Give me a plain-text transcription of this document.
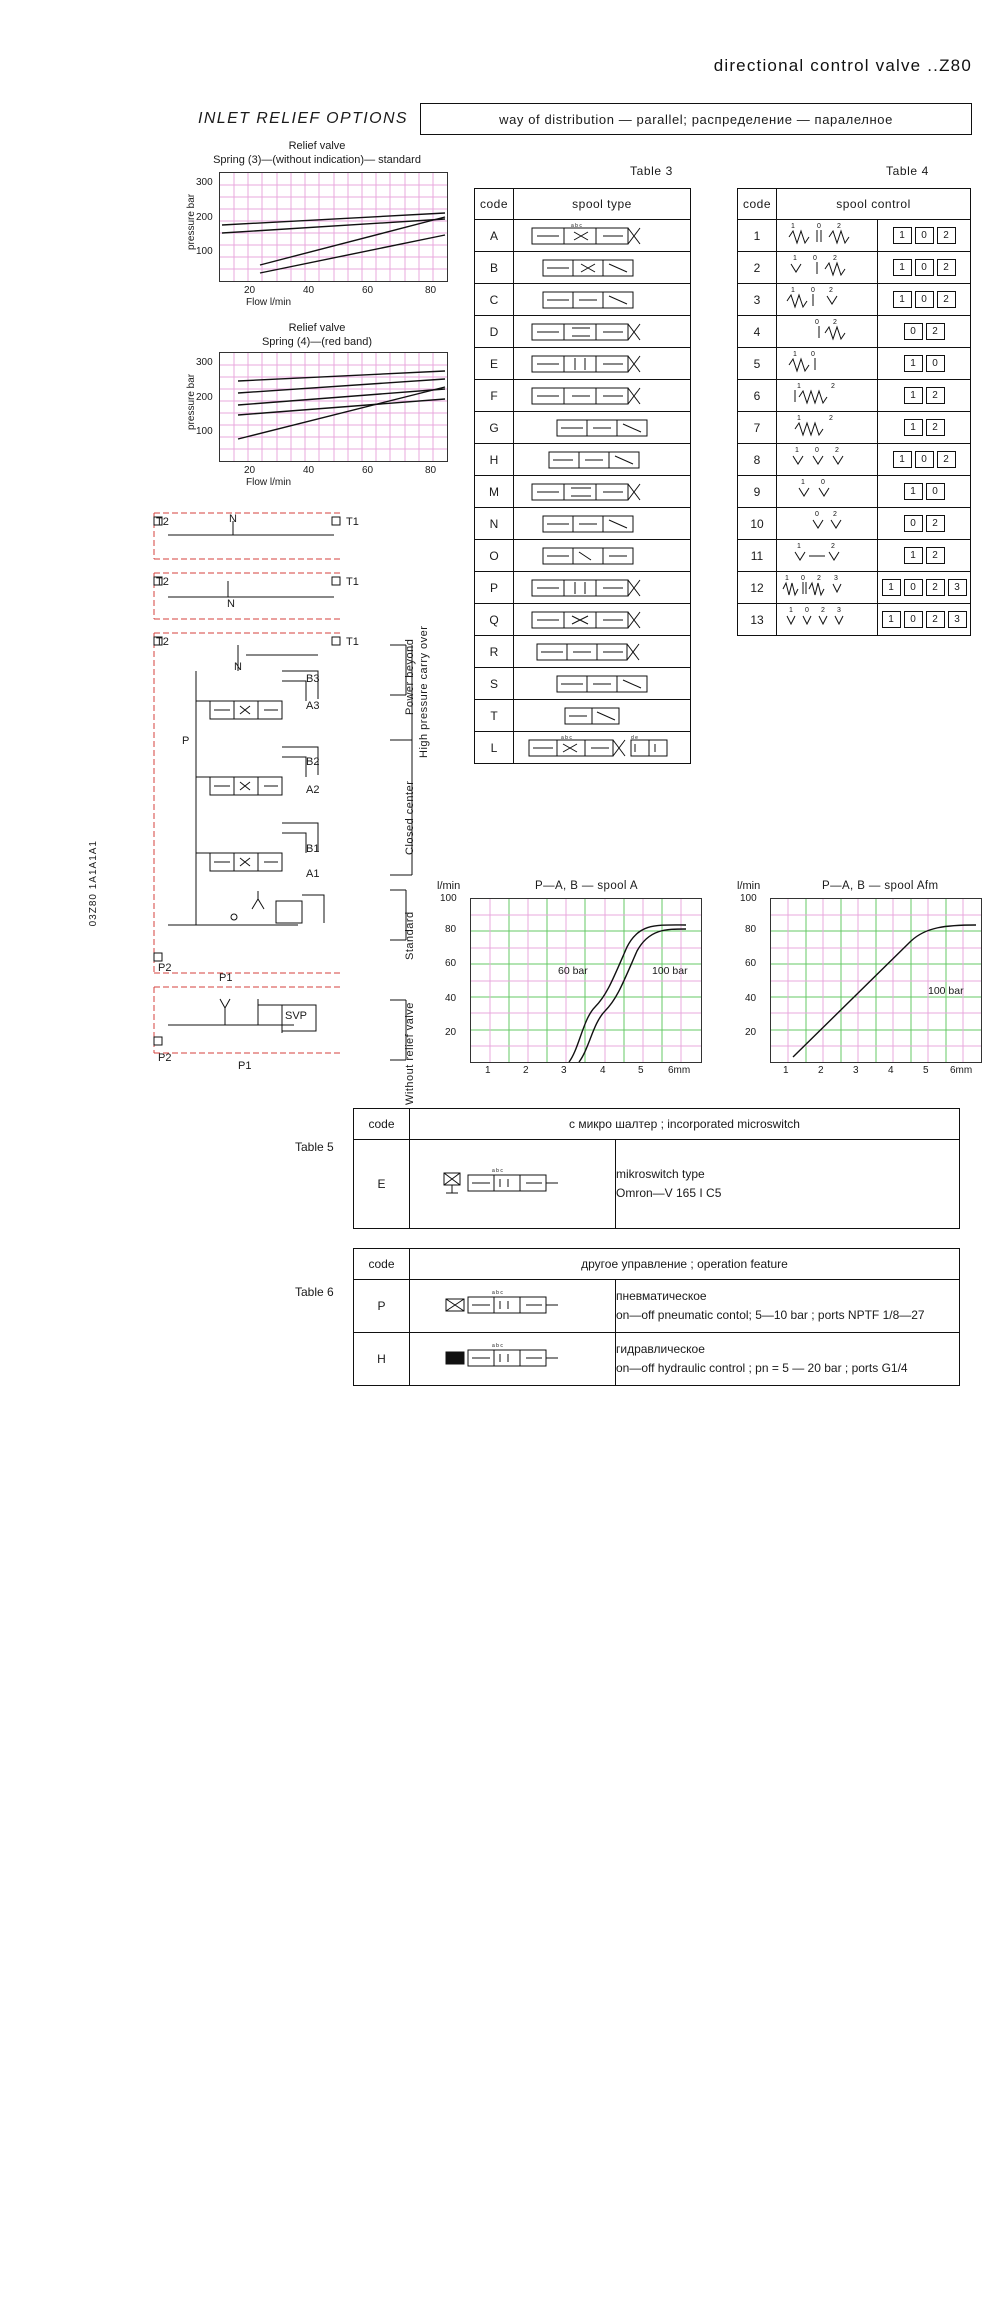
directional control valve ..Z80
INLET RELIEF OPTIONS	way of distribution — parallel; распределение — паралелное
03Z80 1A1A1A1
Relief valve
Spring (3)—(without indication)— standard
pressure bar
300
200
100
20	40	60	80
Flow l/min
Relief valve
Spring (4)—(red band)
pressure bar
300
200
100
20	40	60	80
Flow l/min
Table 3
code	spool type
A	a b c

B	

C	

D	

E	

F	

G	

H	

M	

N	

O	

P	

Q	

R	

S	

T	

L	a b c d e
Table 4
code	spool control	
1	1 0 2	1 0 2

2	1 0 2	1 0 2

3	1 0 2	1 0 2

4	0 2	0 2

5	1 0	1 0

6	1 2	1 2

7	1 2	1 2

8	1 0 2	1 0 2

9	1 0	1 0

10	0 2	0 2

11	1 2	1 2

12	1 0 2 3	1 0 2 3

13	1 0 2 3	1 0 2 3
T2	T1
N
T2	T1
N
T2	T1
N
P
P2
P1
P2
P1
B3
A3
B2
A2
B1
A1
SVP
Power beyond High pressure carry over
Closed center
Standard
Without relief valve
l/min	P—A, B — spool A
100
80
60
40
20
60 bar	100 bar
1	2	3	4	5 6mm
l/min	P—A, B — spool Afm
100
80
60
40
20
100 bar
1	2	3	4	5 6mm
Table 5
code	с микро шалтер ; incorporated microswitch	
E	a b c	mikroswitch type
Omron—V 165 I C5
Table 6
code	другое управление ; operation feature	
P	a b c	пневматическое
on—off pneumatic contol; 5—10 bar ; ports NPTF 1/8—27

H	a b c	гидравлическое
on—off hydraulic control ; pn = 5 — 20 bar ; ports G1/4
